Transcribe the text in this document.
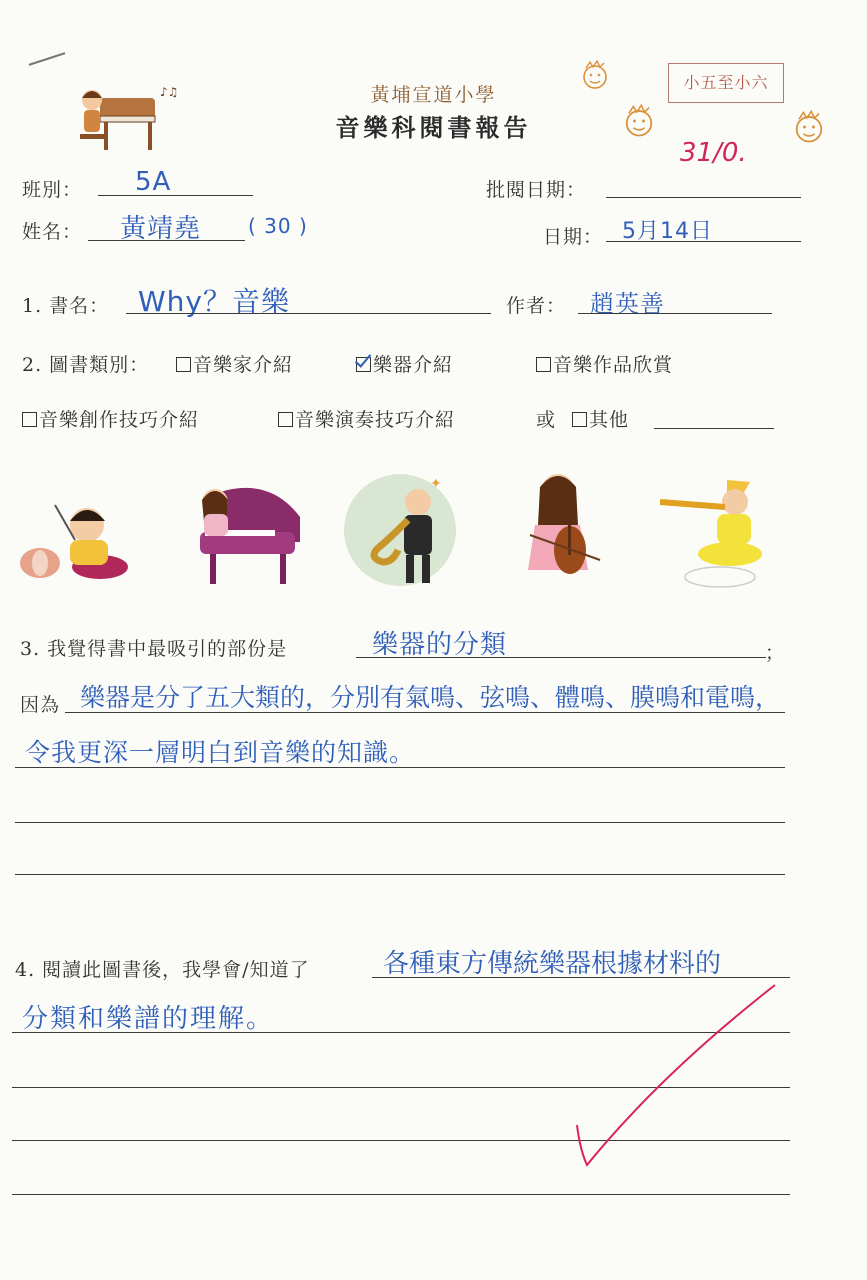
♪♫	黃埔宣道小學
音樂科閱書報告
小五至小六
31/0.
班別： 5A	批閱日期：
姓名： 黃靖堯 ( 30 )	日期： 5月14日
1. 書名： Why？音樂	作者： 趙英善
2. 圖書類別：	音樂家介紹	樂器介紹	音樂作品欣賞
音樂創作技巧介紹	音樂演奏技巧介紹	或	其他
✦
3. 我覺得書中最吸引的部份是	樂器的分類	；
因為 樂器是分了五大類的，分別有氣鳴、弦鳴、體鳴、膜鳴和電鳴，
令我更深一層明白到音樂的知識。
4. 閱讀此圖書後，我學會/知道了	各種東方傳統樂器根據材料的
分類和樂譜的理解。
